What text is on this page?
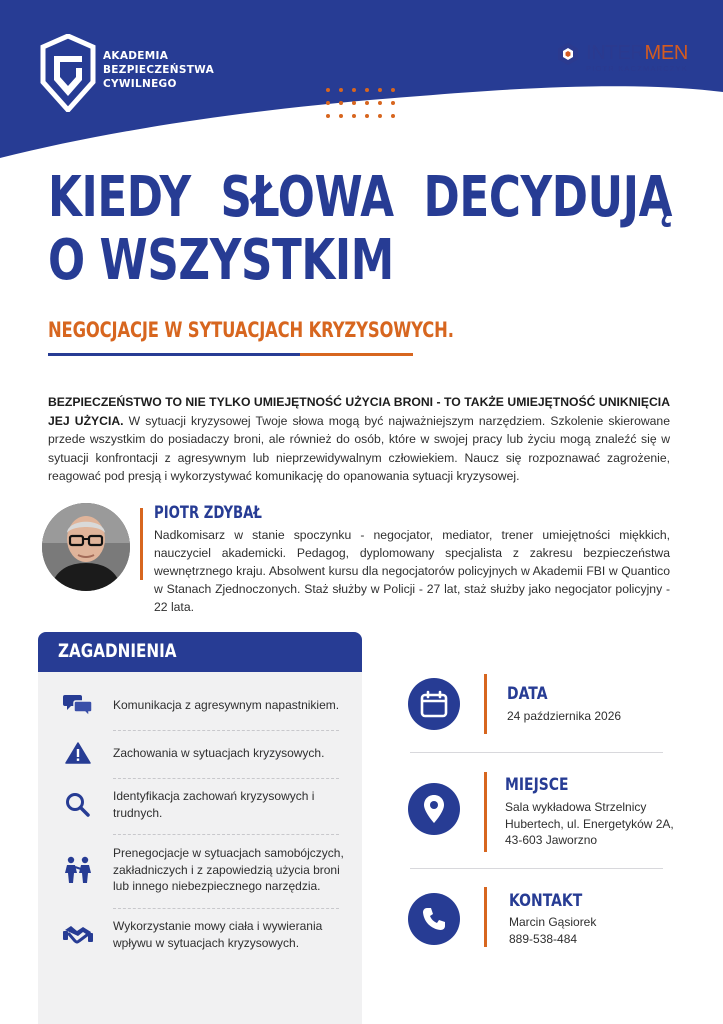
AKADEMIA
BEZPIECZEŃSTWA
CYWILNEGO
INTERMEN
PIOTR KACZMARCZYK
KIEDY SŁOWA DECYDUJĄ
O WSZYSTKIM
NEGOCJACJE W SYTUACJACH KRYZYSOWYCH.

BEZPIECZEŃSTWO TO NIE TYLKO UMIEJĘTNOŚĆ UŻYCIA BRONI - TO TAKŻE UMIEJĘTNOŚĆ UNIKNIĘCIA JEJ UŻYCIA. W sytuacji kryzysowej Twoje słowa mogą być najważniejszym narzędziem. Szkolenie skierowane przede wszystkim do posiadaczy broni, ale również do osób, które w swojej pracy lub życiu mogą znaleźć się w sytuacji konfrontacji z agresywnym lub nieprzewidywalnym człowiekiem. Naucz się rozpoznawać zagrożenie, reagować pod presją i wykorzystywać komunikację do opanowania sytuacji kryzysowej.

PIOTR ZDYBAŁ

Nadkomisarz w stanie spoczynku - negocjator, mediator, trener umiejętności miękkich, nauczyciel akademicki. Pedagog, dyplomowany specjalista z zakresu bezpieczeństwa wewnętrznego kraju. Absolwent kursu dla negocjatorów policyjnych w Akademii FBI w Quantico w Stanach Zjednoczonych. Staż służby w Policji - 27 lat, staż służby jako negocjator policyjny - 22 lata.

ZAGADNIENIA
Komunikacja z agresywnym napastnikiem.
Zachowania w sytuacjach kryzysowych.
Identyfikacja zachowań kryzysowych i trudnych.
Prenegocjacje w sytuacjach samobójczych, zakładniczych i z zapowiedzią użycia broni lub innego niebezpiecznego narzędzia.
Wykorzystanie mowy ciała i wywierania wpływu w sytuacjach kryzysowych.
DATA
24 października 2026
MIEJSCE
Sala wykładowa Strzelnicy
Hubertech, ul. Energetyków 2A,
43-603 Jaworzno
KONTAKT
Marcin Gąsiorek
889-538-484
